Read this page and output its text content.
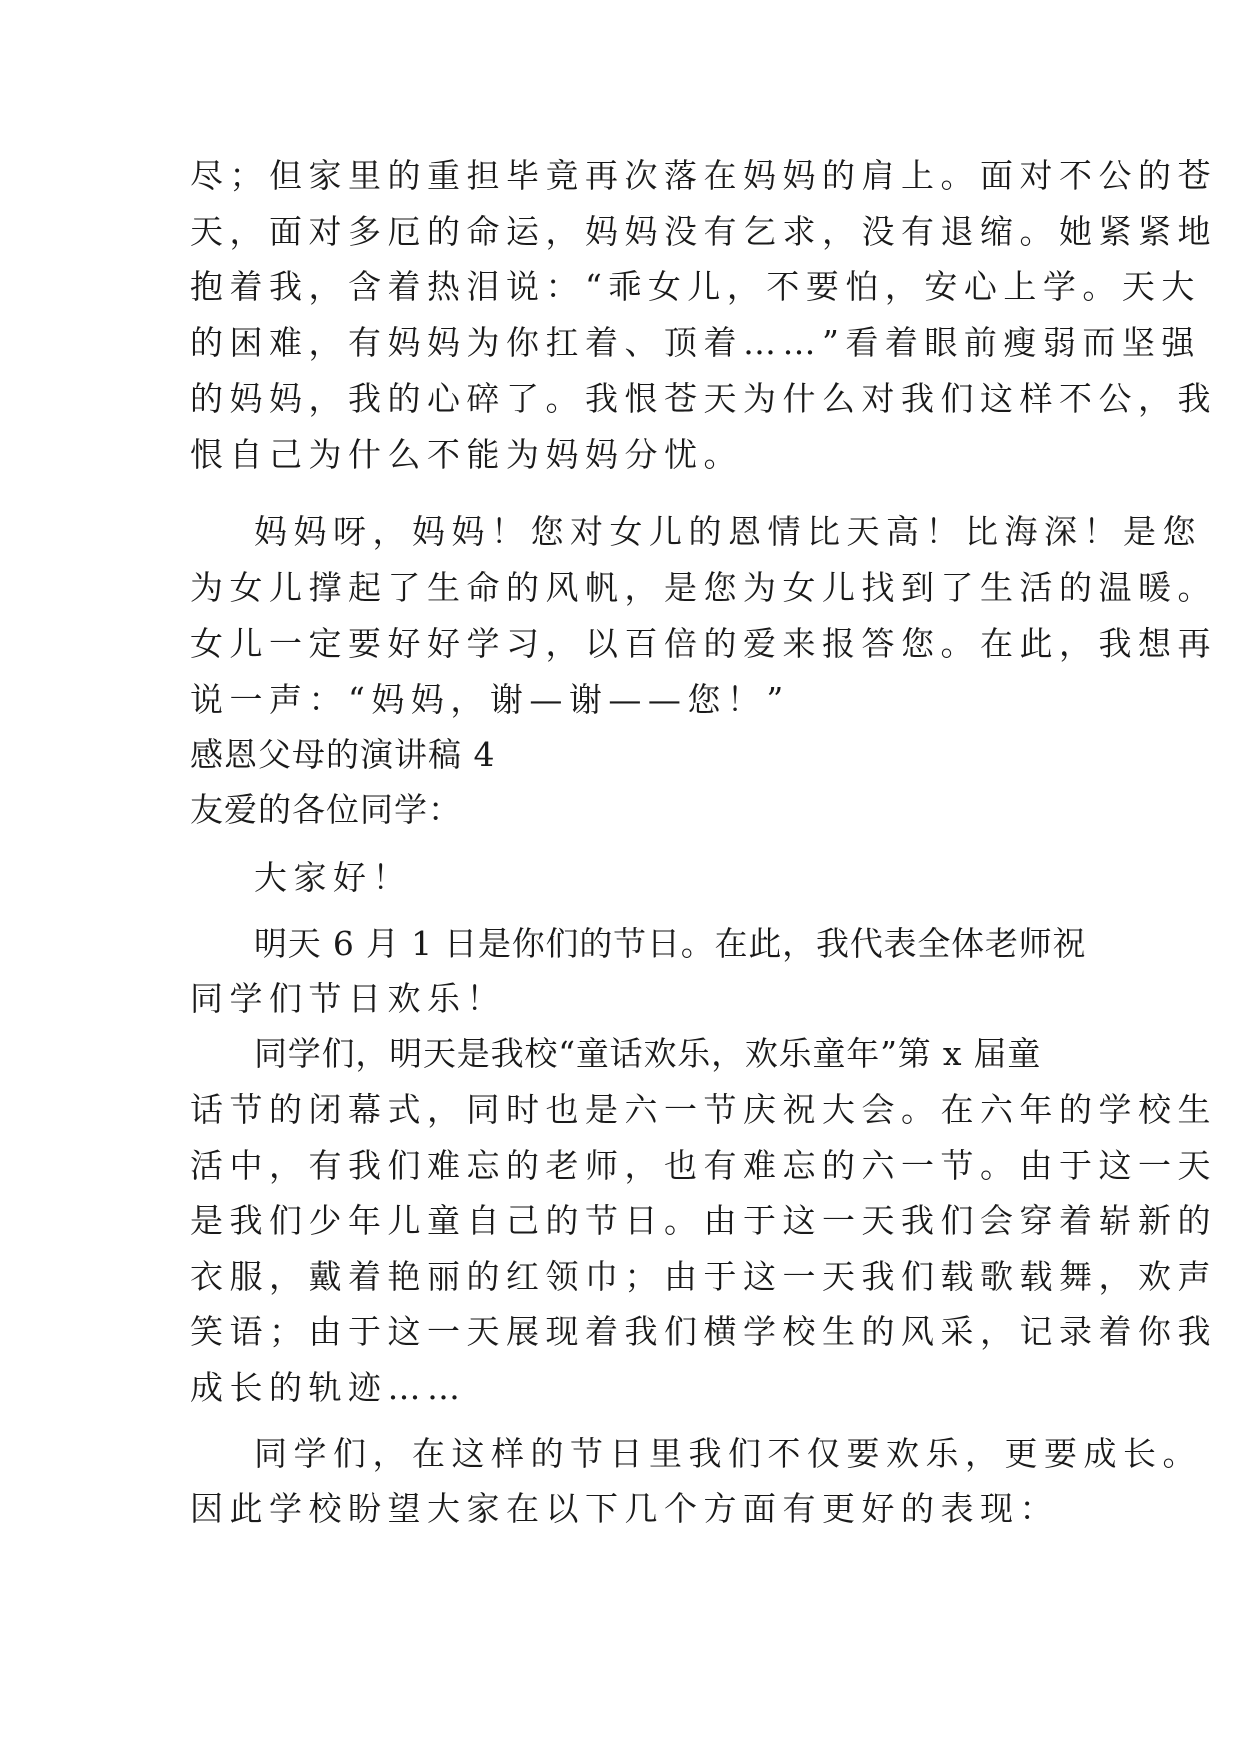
尽；但家里的重担毕竟再次落在妈妈的肩上。面对不公的苍
天，面对多厄的命运，妈妈没有乞求，没有退缩。她紧紧地
抱着我，含着热泪说：“乖女儿，不要怕，安心上学。天大
的困难，有妈妈为你扛着、顶着……”看着眼前瘦弱而坚强
的妈妈，我的心碎了。我恨苍天为什么对我们这样不公，我
恨自己为什么不能为妈妈分忧。
妈妈呀，妈妈！您对女儿的恩情比天高！比海深！是您
为女儿撑起了生命的风帆，是您为女儿找到了生活的温暖。
女儿一定要好好学习，以百倍的爱来报答您。在此，我想再
说一声：“妈妈，谢—谢——您！”
感恩父母的演讲稿 4
友爱的各位同学：
大家好！
明天 6 月 1 日是你们的节日。在此，我代表全体老师祝
同学们节日欢乐！
同学们，明天是我校“童话欢乐，欢乐童年”第 x 届童
话节的闭幕式，同时也是六一节庆祝大会。在六年的学校生
活中，有我们难忘的老师，也有难忘的六一节。由于这一天
是我们少年儿童自己的节日。由于这一天我们会穿着崭新的
衣服，戴着艳丽的红领巾；由于这一天我们载歌载舞，欢声
笑语；由于这一天展现着我们横学校生的风采，记录着你我
成长的轨迹……
同学们，在这样的节日里我们不仅要欢乐，更要成长。
因此学校盼望大家在以下几个方面有更好的表现：
